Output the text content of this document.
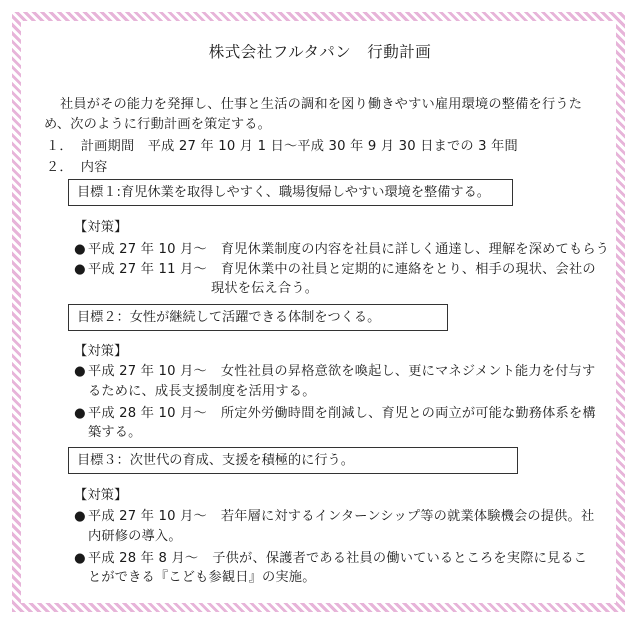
株式会社フルタパン　行動計画
社員がその能力を発揮し、仕事と生活の調和を図り働きやすい雇用環境の整備を行うた
め、次のように行動計画を策定する。
１． 計画期間　平成 27 年 10 月 1 日～平成 30 年 9 月 30 日までの 3 年間
２． 内容
目標１:育児休業を取得しやすく、職場復帰しやすい環境を整備する。
【対策】
● 平成 27 年 10 月～ 育児休業制度の内容を社員に詳しく通達し、理解を深めてもらう
● 平成 27 年 11 月～ 育児休業中の社員と定期的に連絡をとり、相手の現状、会社の
現状を伝え合う。
目標２：女性が継続して活躍できる体制をつくる。
【対策】
● 平成 27 年 10 月～ 女性社員の昇格意欲を喚起し、更にマネジメント能力を付与す
るために、成長支援制度を活用する。
● 平成 28 年 10 月～ 所定外労働時間を削減し、育児との両立が可能な勤務体系を構
築する。
目標３：次世代の育成、支援を積極的に行う。
【対策】
● 平成 27 年 10 月～ 若年層に対するインターンシップ等の就業体験機会の提供。社
内研修の導入。
● 平成 28 年 8 月～ 子供が、保護者である社員の働いているところを実際に見るこ
とができる『こども参観日』の実施。
